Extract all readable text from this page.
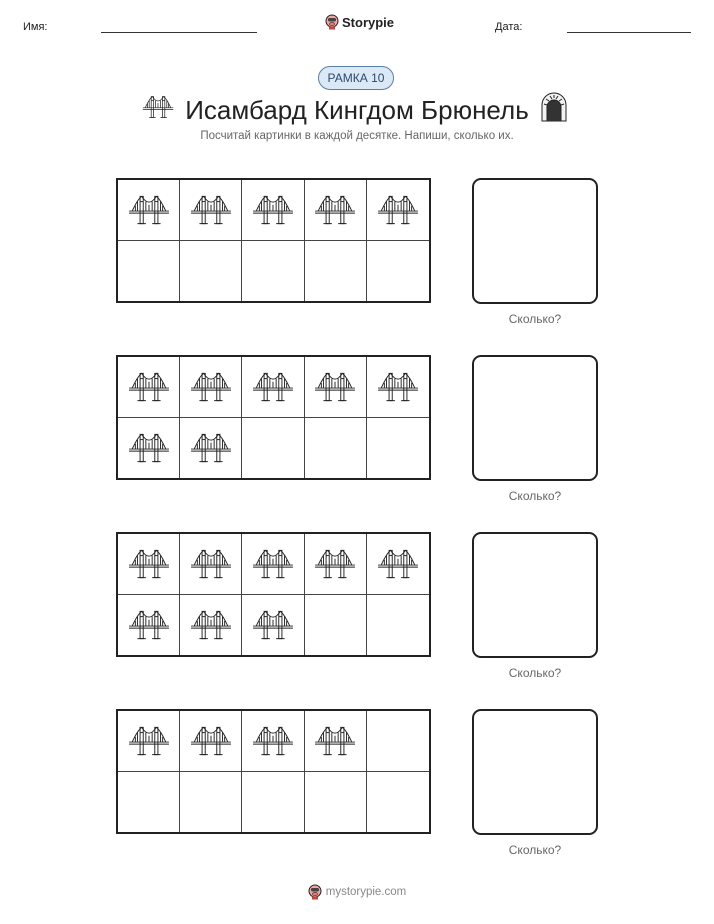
Имя:	Storypie	Дата:
РАМКА 10
Исамбард Кингдом Брюнель
Посчитай картинки в каждой десятке. Напиши, сколько их.
Сколько?
Сколько?
Сколько?
Сколько?
mystorypie.com
